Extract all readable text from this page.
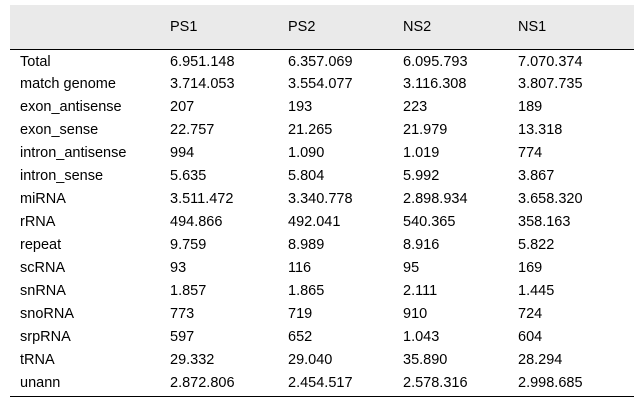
	PS1	PS2	NS2	NS1
Total	6.951.148	6.357.069	6.095.793	7.070.374
match genome	3.714.053	3.554.077	3.116.308	3.807.735
exon_antisense	207	193	223	189
exon_sense	22.757	21.265	21.979	13.318
intron_antisense	994	1.090	1.019	774
intron_sense	5.635	5.804	5.992	3.867
miRNA	3.511.472	3.340.778	2.898.934	3.658.320
rRNA	494.866	492.041	540.365	358.163
repeat	9.759	8.989	8.916	5.822
scRNA	93	116	95	169
snRNA	1.857	1.865	2.111	1.445
snoRNA	773	719	910	724
srpRNA	597	652	1.043	604
tRNA	29.332	29.040	35.890	28.294
unann	2.872.806	2.454.517	2.578.316	2.998.685
